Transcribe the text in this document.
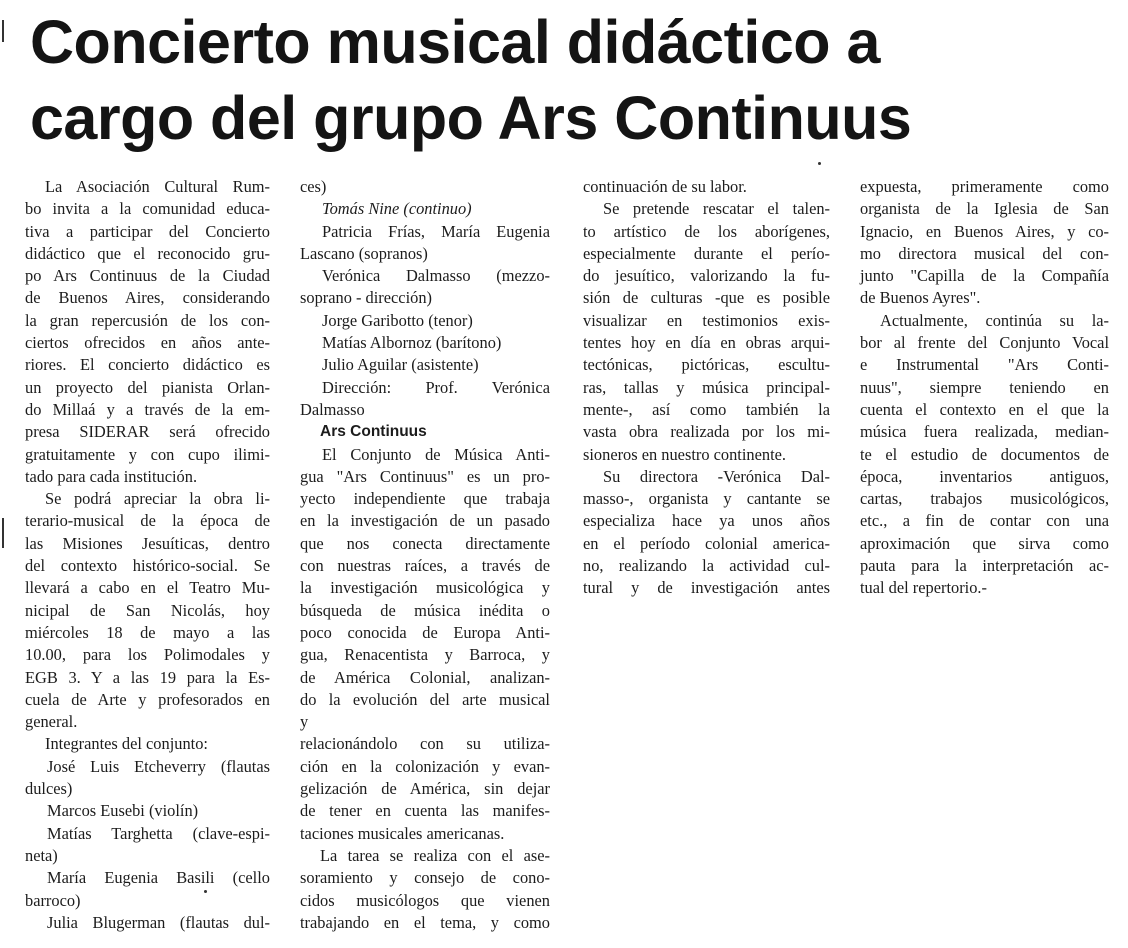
Concierto musical didáctico a
cargo del grupo Ars Continuus
La Asociación Cultural Rum-
bo invita a la comunidad educa-
tiva a participar del Concierto
didáctico que el reconocido gru-
po Ars Continuus de la Ciudad
de Buenos Aires, considerando
la gran repercusión de los con-
ciertos ofrecidos en años ante-
riores. El concierto didáctico es
un proyecto del pianista Orlan-
do Millaá y a través de la em-
presa SIDERAR será ofrecido
gratuitamente y con cupo ilimi-
tado para cada institución.
Se podrá apreciar la obra li-
terario-musical de la época de
las Misiones Jesuíticas, dentro
del contexto histórico-social. Se
llevará a cabo en el Teatro Mu-
nicipal de San Nicolás, hoy
miércoles 18 de mayo a las
10.00, para los Polimodales y
EGB 3. Y a las 19 para la Es-
cuela de Arte y profesorados en
general.
Integrantes del conjunto:
José Luis Etcheverry (flautas
dulces)
Marcos Eusebi (violín)
Matías Targhetta (clave-espi-
neta)
María Eugenia Basili (cello
barroco)
Julia Blugerman (flautas dul-
ces)
Tomás Nine (continuo)
Patricia Frías, María Eugenia
Lascano (sopranos)
Verónica Dalmasso (mezzo-
soprano - dirección)
Jorge Garibotto (tenor)
Matías Albornoz (barítono)
Julio Aguilar (asistente)
Dirección: Prof. Verónica
Dalmasso
Ars Continuus
El Conjunto de Música Anti-
gua "Ars Continuus" es un pro-
yecto independiente que trabaja
en la investigación de un pasado
que nos conecta directamente
con nuestras raíces, a través de
la investigación musicológica y
búsqueda de música inédita o
poco conocida de Europa Anti-
gua, Renacentista y Barroca, y
de América Colonial, analizan-
do la evolución del arte musical
y
relacionándolo con su utiliza-
ción en la colonización y evan-
gelización de América, sin dejar
de tener en cuenta las manifes-
taciones musicales americanas.
La tarea se realiza con el ase-
soramiento y consejo de cono-
cidos musicólogos que vienen
trabajando en el tema, y como
continuación de su labor.
Se pretende rescatar el talen-
to artístico de los aborígenes,
especialmente durante el perío-
do jesuítico, valorizando la fu-
sión de culturas -que es posible
visualizar en testimonios exis-
tentes hoy en día en obras arqui-
tectónicas, pictóricas, escultu-
ras, tallas y música principal-
mente-, así como también la
vasta obra realizada por los mi-
sioneros en nuestro continente.
Su directora -Verónica Dal-
masso-, organista y cantante se
especializa hace ya unos años
en el período colonial america-
no, realizando la actividad cul-
tural y de investigación antes
expuesta, primeramente como
organista de la Iglesia de San
Ignacio, en Buenos Aires, y co-
mo directora musical del con-
junto "Capilla de la Compañía
de Buenos Ayres".
Actualmente, continúa su la-
bor al frente del Conjunto Vocal
e Instrumental "Ars Conti-
nuus", siempre teniendo en
cuenta el contexto en el que la
música fuera realizada, median-
te el estudio de documentos de
época, inventarios antiguos,
cartas, trabajos musicológicos,
etc., a fin de contar con una
aproximación que sirva como
pauta para la interpretación ac-
tual del repertorio.-
